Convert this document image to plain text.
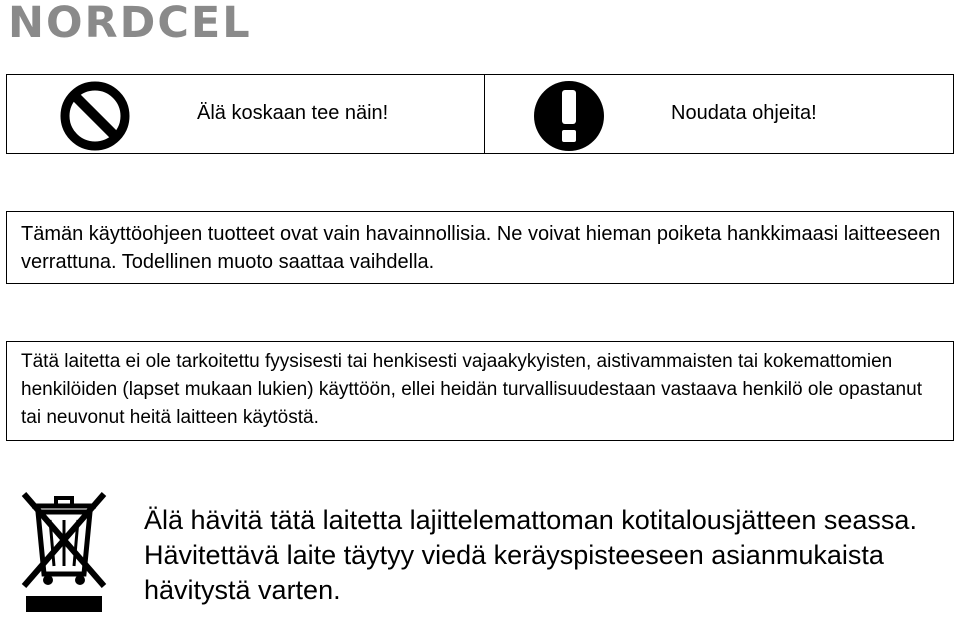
NORDCEL
Älä koskaan tee näin!	Noudata ohjeita!
Tämän käyttöohjeen tuotteet ovat vain havainnollisia. Ne voivat hieman poiketa hankkimaasi laitteeseen verrattuna. Todellinen muoto saattaa vaihdella.
Tätä laitetta ei ole tarkoitettu fyysisesti tai henkisesti vajaakykyisten, aistivammaisten tai kokemattomien henkilöiden (lapset mukaan lukien) käyttöön, ellei heidän turvallisuudestaan vastaava henkilö ole opastanut tai neuvonut heitä laitteen käytöstä.
Älä hävitä tätä laitetta lajittelemattoman kotitalousjätteen seassa. Hävitettävä laite täytyy viedä keräyspisteeseen asianmukaista hävitystä varten.
